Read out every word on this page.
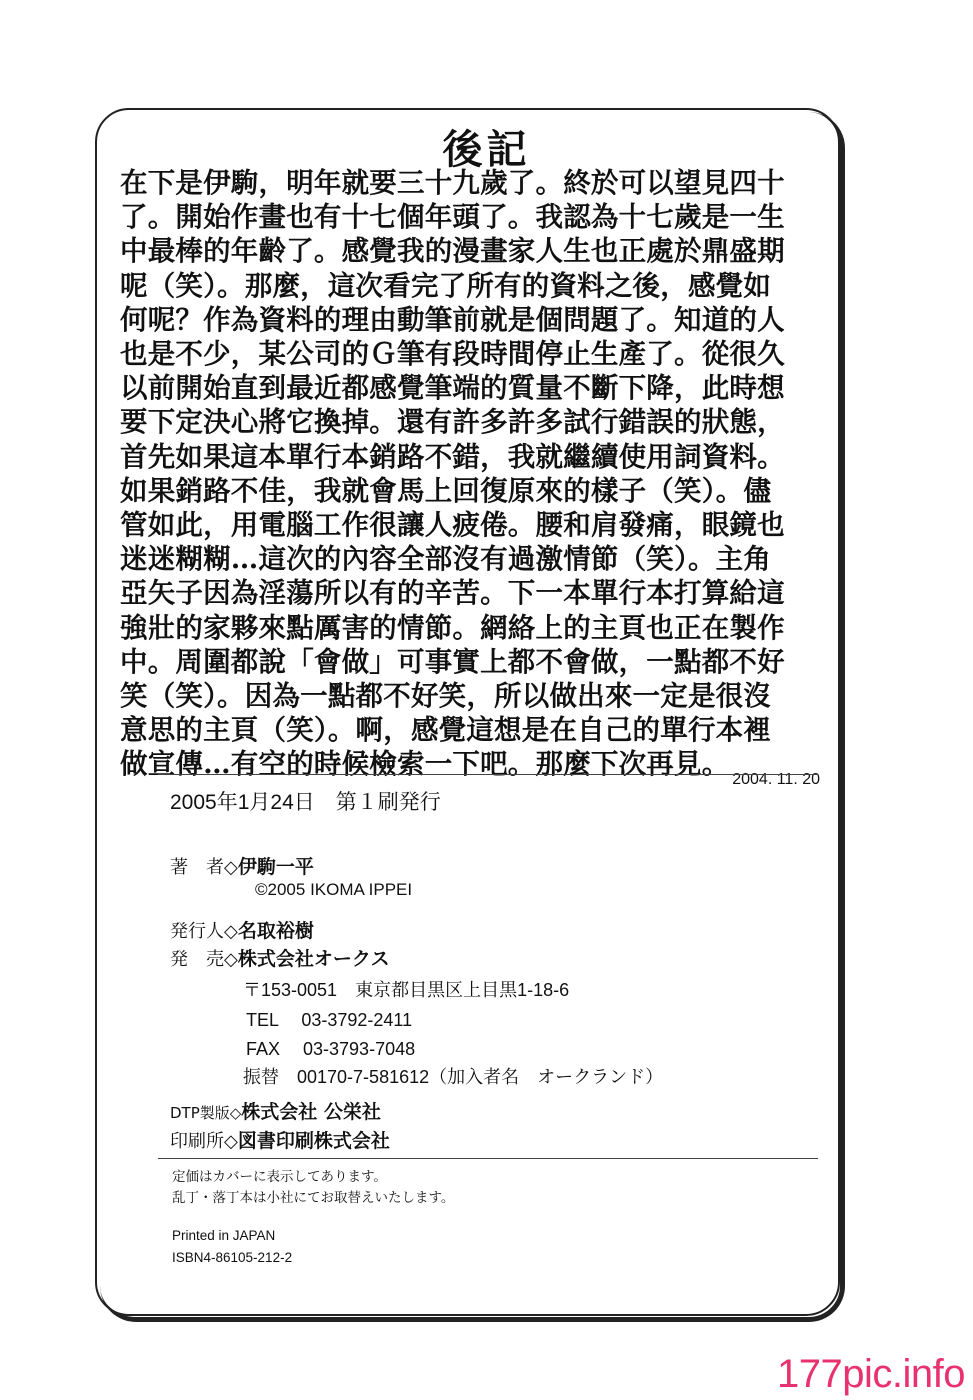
後記
在下是伊駒，明年就要三十九歲了。終於可以望見四十
了。開始作畫也有十七個年頭了。我認為十七歲是一生
中最棒的年齡了。感覺我的漫畫家人生也正處於鼎盛期
呢（笑）。那麼，這次看完了所有的資料之後，感覺如
何呢？作為資料的理由動筆前就是個問題了。知道的人
也是不少，某公司的Ｇ筆有段時間停止生產了。從很久
以前開始直到最近都感覺筆端的質量不斷下降，此時想
要下定決心將它換掉。還有許多許多試行錯誤的狀態，
首先如果這本單行本銷路不錯，我就繼續使用詞資料。
如果銷路不佳，我就會馬上回復原來的樣子（笑）。儘
管如此，用電腦工作很讓人疲倦。腰和肩發痛，眼鏡也
迷迷糊糊…這次的內容全部沒有過激情節（笑）。主角
亞矢子因為淫蕩所以有的辛苦。下一本單行本打算給這
強壯的家夥來點厲害的情節。網絡上的主頁也正在製作
中。周圍都說「會做」可事實上都不會做，一點都不好
笑（笑）。因為一點都不好笑，所以做出來一定是很沒
意思的主頁（笑）。啊，感覺這想是在自己的單行本裡
做宣傳…有空的時候檢索一下吧。那麼下次再見。 2004. 11. 20
2005年1月24日　第１刷発行
著　者◇伊駒一平
©2005 IKOMA IPPEI
発行人◇名取裕樹
発　売◇株式会社オークス
〒153-0051　東京都目黒区上目黒1-18-6
TEL　 03-3792-2411
FAX　 03-3793-7048
振替　00170-7-581612（加入者名　オークランド）
DTP製版◇株式会社 公栄社
印刷所◇図書印刷株式会社
定価はカバーに表示してあります。
乱丁・落丁本は小社にてお取替えいたします。
Printed in JAPAN
ISBN4-86105-212-2
177pic.info
